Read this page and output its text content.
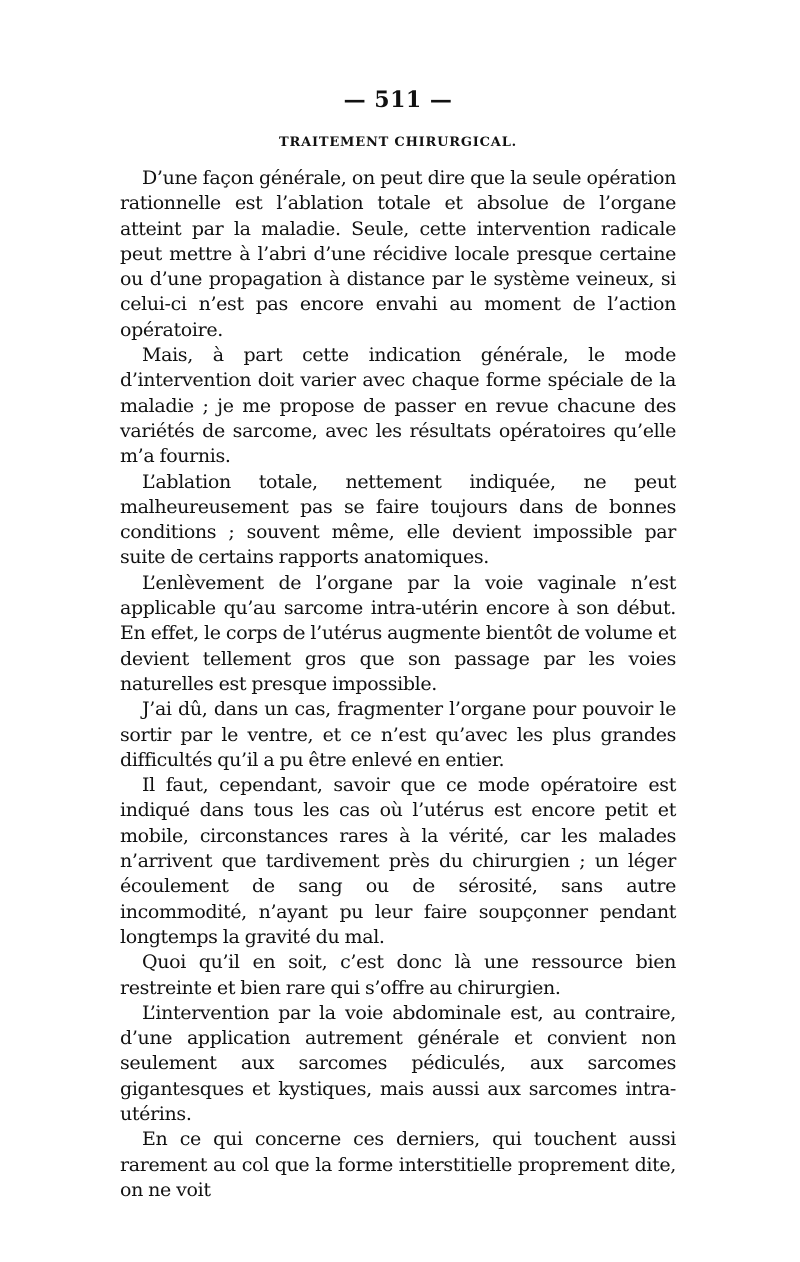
— 511 —
TRAITEMENT CHIRURGICAL.

D’une façon générale, on peut dire que la seule opération rationnelle est l’ablation totale et absolue de l’organe atteint par la maladie. Seule, cette intervention radicale peut mettre à l’abri d’une récidive locale presque certaine ou d’une propagation à distance par le système veineux, si celui-ci n’est pas encore envahi au moment de l’action opératoire.

Mais, à part cette indication générale, le mode d’intervention doit varier avec chaque forme spéciale de la maladie ; je me propose de passer en revue chacune des variétés de sarcome, avec les résultats opératoires qu’elle m’a fournis.

L’ablation totale, nettement indiquée, ne peut malheureusement pas se faire toujours dans de bonnes conditions ; souvent même, elle devient impossible par suite de certains rapports anatomiques.

L’enlèvement de l’organe par la voie vaginale n’est applicable qu’au sarcome intra-utérin encore à son début. En effet, le corps de l’utérus augmente bientôt de volume et devient tellement gros que son passage par les voies naturelles est presque impossible.

J’ai dû, dans un cas, fragmenter l’organe pour pouvoir le sortir par le ventre, et ce n’est qu’avec les plus grandes difficultés qu’il a pu être enlevé en entier.

Il faut, cependant, savoir que ce mode opératoire est indiqué dans tous les cas où l’utérus est encore petit et mobile, circonstances rares à la vérité, car les malades n’arrivent que tardivement près du chirurgien ; un léger écoulement de sang ou de sérosité, sans autre incommodité, n’ayant pu leur faire soupçonner pendant longtemps la gravité du mal.

Quoi qu’il en soit, c’est donc là une ressource bien restreinte et bien rare qui s’offre au chirurgien.

L’intervention par la voie abdominale est, au contraire, d’une application autrement générale et convient non seulement aux sarcomes pédiculés, aux sarcomes gigantesques et kystiques, mais aussi aux sarcomes intra-utérins.

En ce qui concerne ces derniers, qui touchent aussi rarement au col que la forme interstitielle proprement dite, on ne voit
